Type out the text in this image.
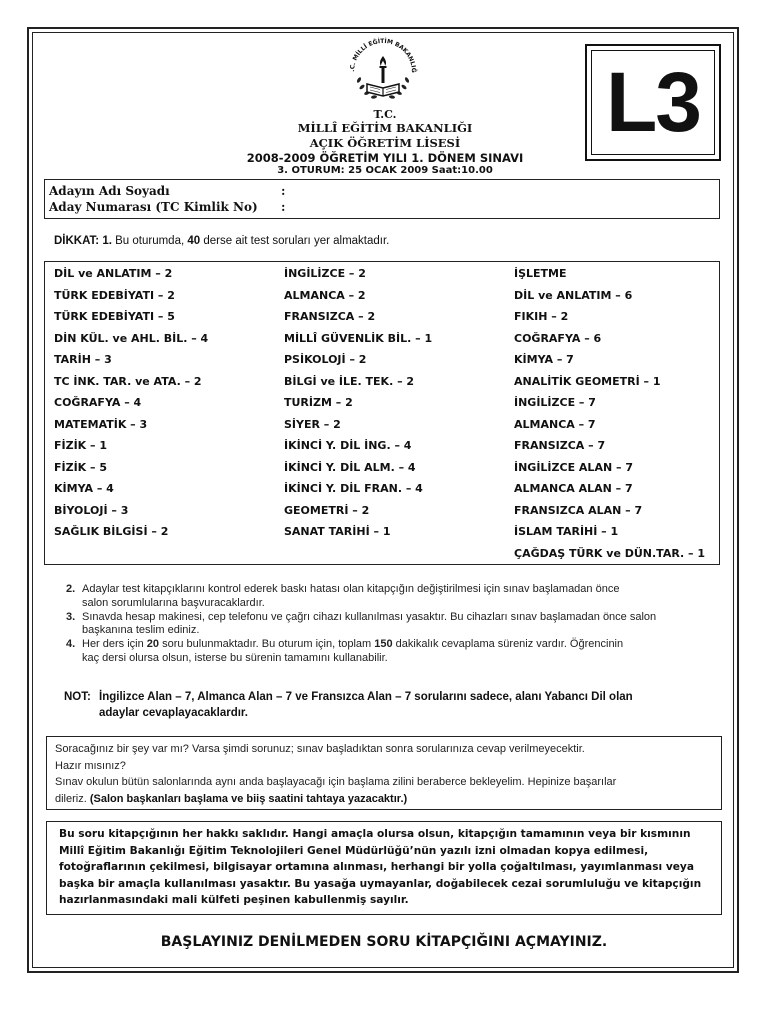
.C. MİLLÎ EĞİTİM BAKANLIĞ L3
T.C.
MİLLÎ EĞİTİM BAKANLIĞI
AÇIK ÖĞRETİM LİSESİ
2008-2009 ÖĞRETİM YILI 1. DÖNEM SINAVI
3. OTURUM: 25 OCAK 2009 Saat:10.00
Adayın Adı Soyadı	:
Aday Numarası (TC Kimlik No) :
DİKKAT: 1. Bu oturumda, 40 derse ait test soruları yer almaktadır.
DİL ve ANLATIM – 2
TÜRK EDEBİYATI – 2
TÜRK EDEBİYATI – 5
DİN KÜL. ve AHL. BİL. – 4
TARİH – 3
TC İNK. TAR. ve ATA. – 2
COĞRAFYA – 4
MATEMATİK – 3
FİZİK – 1
FİZİK – 5
KİMYA – 4
BİYOLOJİ – 3
SAĞLIK BİLGİSİ – 2
İNGİLİZCE – 2
ALMANCA – 2
FRANSIZCA – 2
MİLLÎ GÜVENLİK BİL. – 1
PSİKOLOJİ – 2
BİLGİ ve İLE. TEK. – 2
TURİZM – 2
SİYER – 2
İKİNCİ Y. DİL İNG. – 4
İKİNCİ Y. DİL ALM. – 4
İKİNCİ Y. DİL FRAN. – 4
GEOMETRİ – 2
SANAT TARİHİ – 1
İŞLETME
DİL ve ANLATIM – 6
FIKIH – 2
COĞRAFYA – 6
KİMYA – 7
ANALİTİK GEOMETRİ – 1
İNGİLİZCE – 7
ALMANCA – 7
FRANSIZCA – 7
İNGİLİZCE ALAN – 7
ALMANCA ALAN – 7
FRANSIZCA ALAN – 7
İSLAM TARİHİ – 1
ÇAĞDAŞ TÜRK ve DÜN.TAR. – 1
2. Adaylar test kitapçıklarını kontrol ederek baskı hatası olan kitapçığın değiştirilmesi için sınav başlamadan önce
salon sorumlularına başvuracaklardır.
3. Sınavda hesap makinesi, cep telefonu ve çağrı cihazı kullanılması yasaktır. Bu cihazları sınav başlamadan önce salon
başkanına teslim ediniz.
4. Her ders için 20 soru bulunmaktadır. Bu oturum için, toplam 150 dakikalık cevaplama süreniz vardır. Öğrencinin
kaç dersi olursa olsun, isterse bu sürenin tamamını kullanabilir.
NOT: İngilizce Alan – 7, Almanca Alan – 7 ve Fransızca Alan – 7 sorularını sadece, alanı Yabancı Dil olan
adaylar cevaplayacaklardır.
Soracağınız bir şey var mı? Varsa şimdi sorunuz; sınav başladıktan sonra sorularınıza cevap verilmeyecektir.
Hazır mısınız?
Sınav okulun bütün salonlarında aynı anda başlayacağı için başlama zilini beraberce bekleyelim. Hepinize başarılar
dileriz. (Salon başkanları başlama ve biiş saatini tahtaya yazacaktır.)
Bu soru kitapçığının her hakkı saklıdır. Hangi amaçla olursa olsun, kitapçığın tamamının veya bir kısmının
Millî Eğitim Bakanlığı Eğitim Teknolojileri Genel Müdürlüğü’nün yazılı izni olmadan kopya edilmesi,
fotoğraflarının çekilmesi, bilgisayar ortamına alınması, herhangi bir yolla çoğaltılması, yayımlanması veya
başka bir amaçla kullanılması yasaktır. Bu yasağa uymayanlar, doğabilecek cezai sorumluluğu ve kitapçığın
hazırlanmasındaki mali külfeti peşinen kabullenmiş sayılır.
BAŞLAYINIZ DENİLMEDEN SORU KİTAPÇIĞINI AÇMAYINIZ.
